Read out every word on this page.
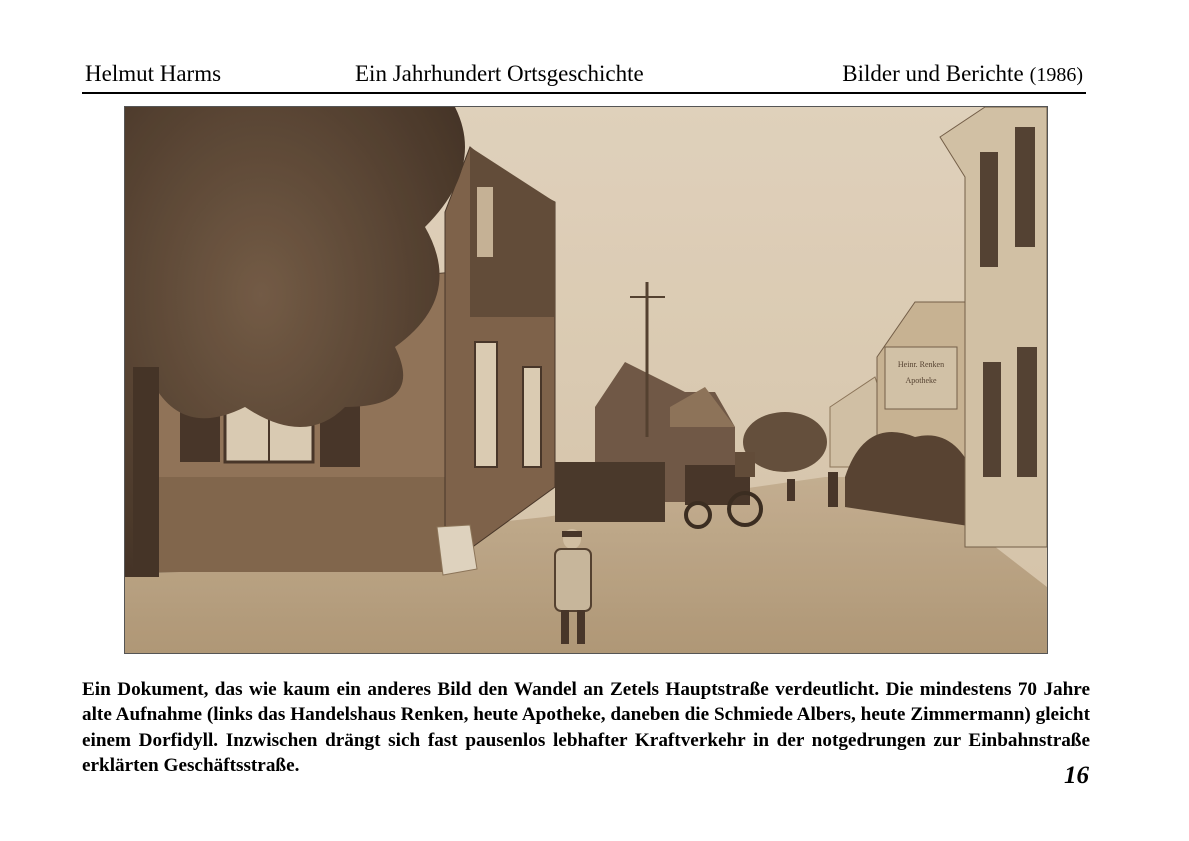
Helmut Harms	Ein Jahrhundert Ortsgeschichte	Bilder und Berichte (1986)
Heinr. Renken
Apotheke

Ein Dokument, das wie kaum ein anderes Bild den Wandel an Zetels Hauptstraße verdeutlicht. Die mindestens 70 Jahre alte Aufnahme (links das Handelshaus Renken, heute Apotheke, daneben die Schmiede Albers, heute Zimmermann) gleicht einem Dorfidyll. Inzwischen drängt sich fast pausenlos lebhafter Kraftverkehr in der notgedrungen zur Einbahnstraße erklärten Geschäftsstraße.	16
